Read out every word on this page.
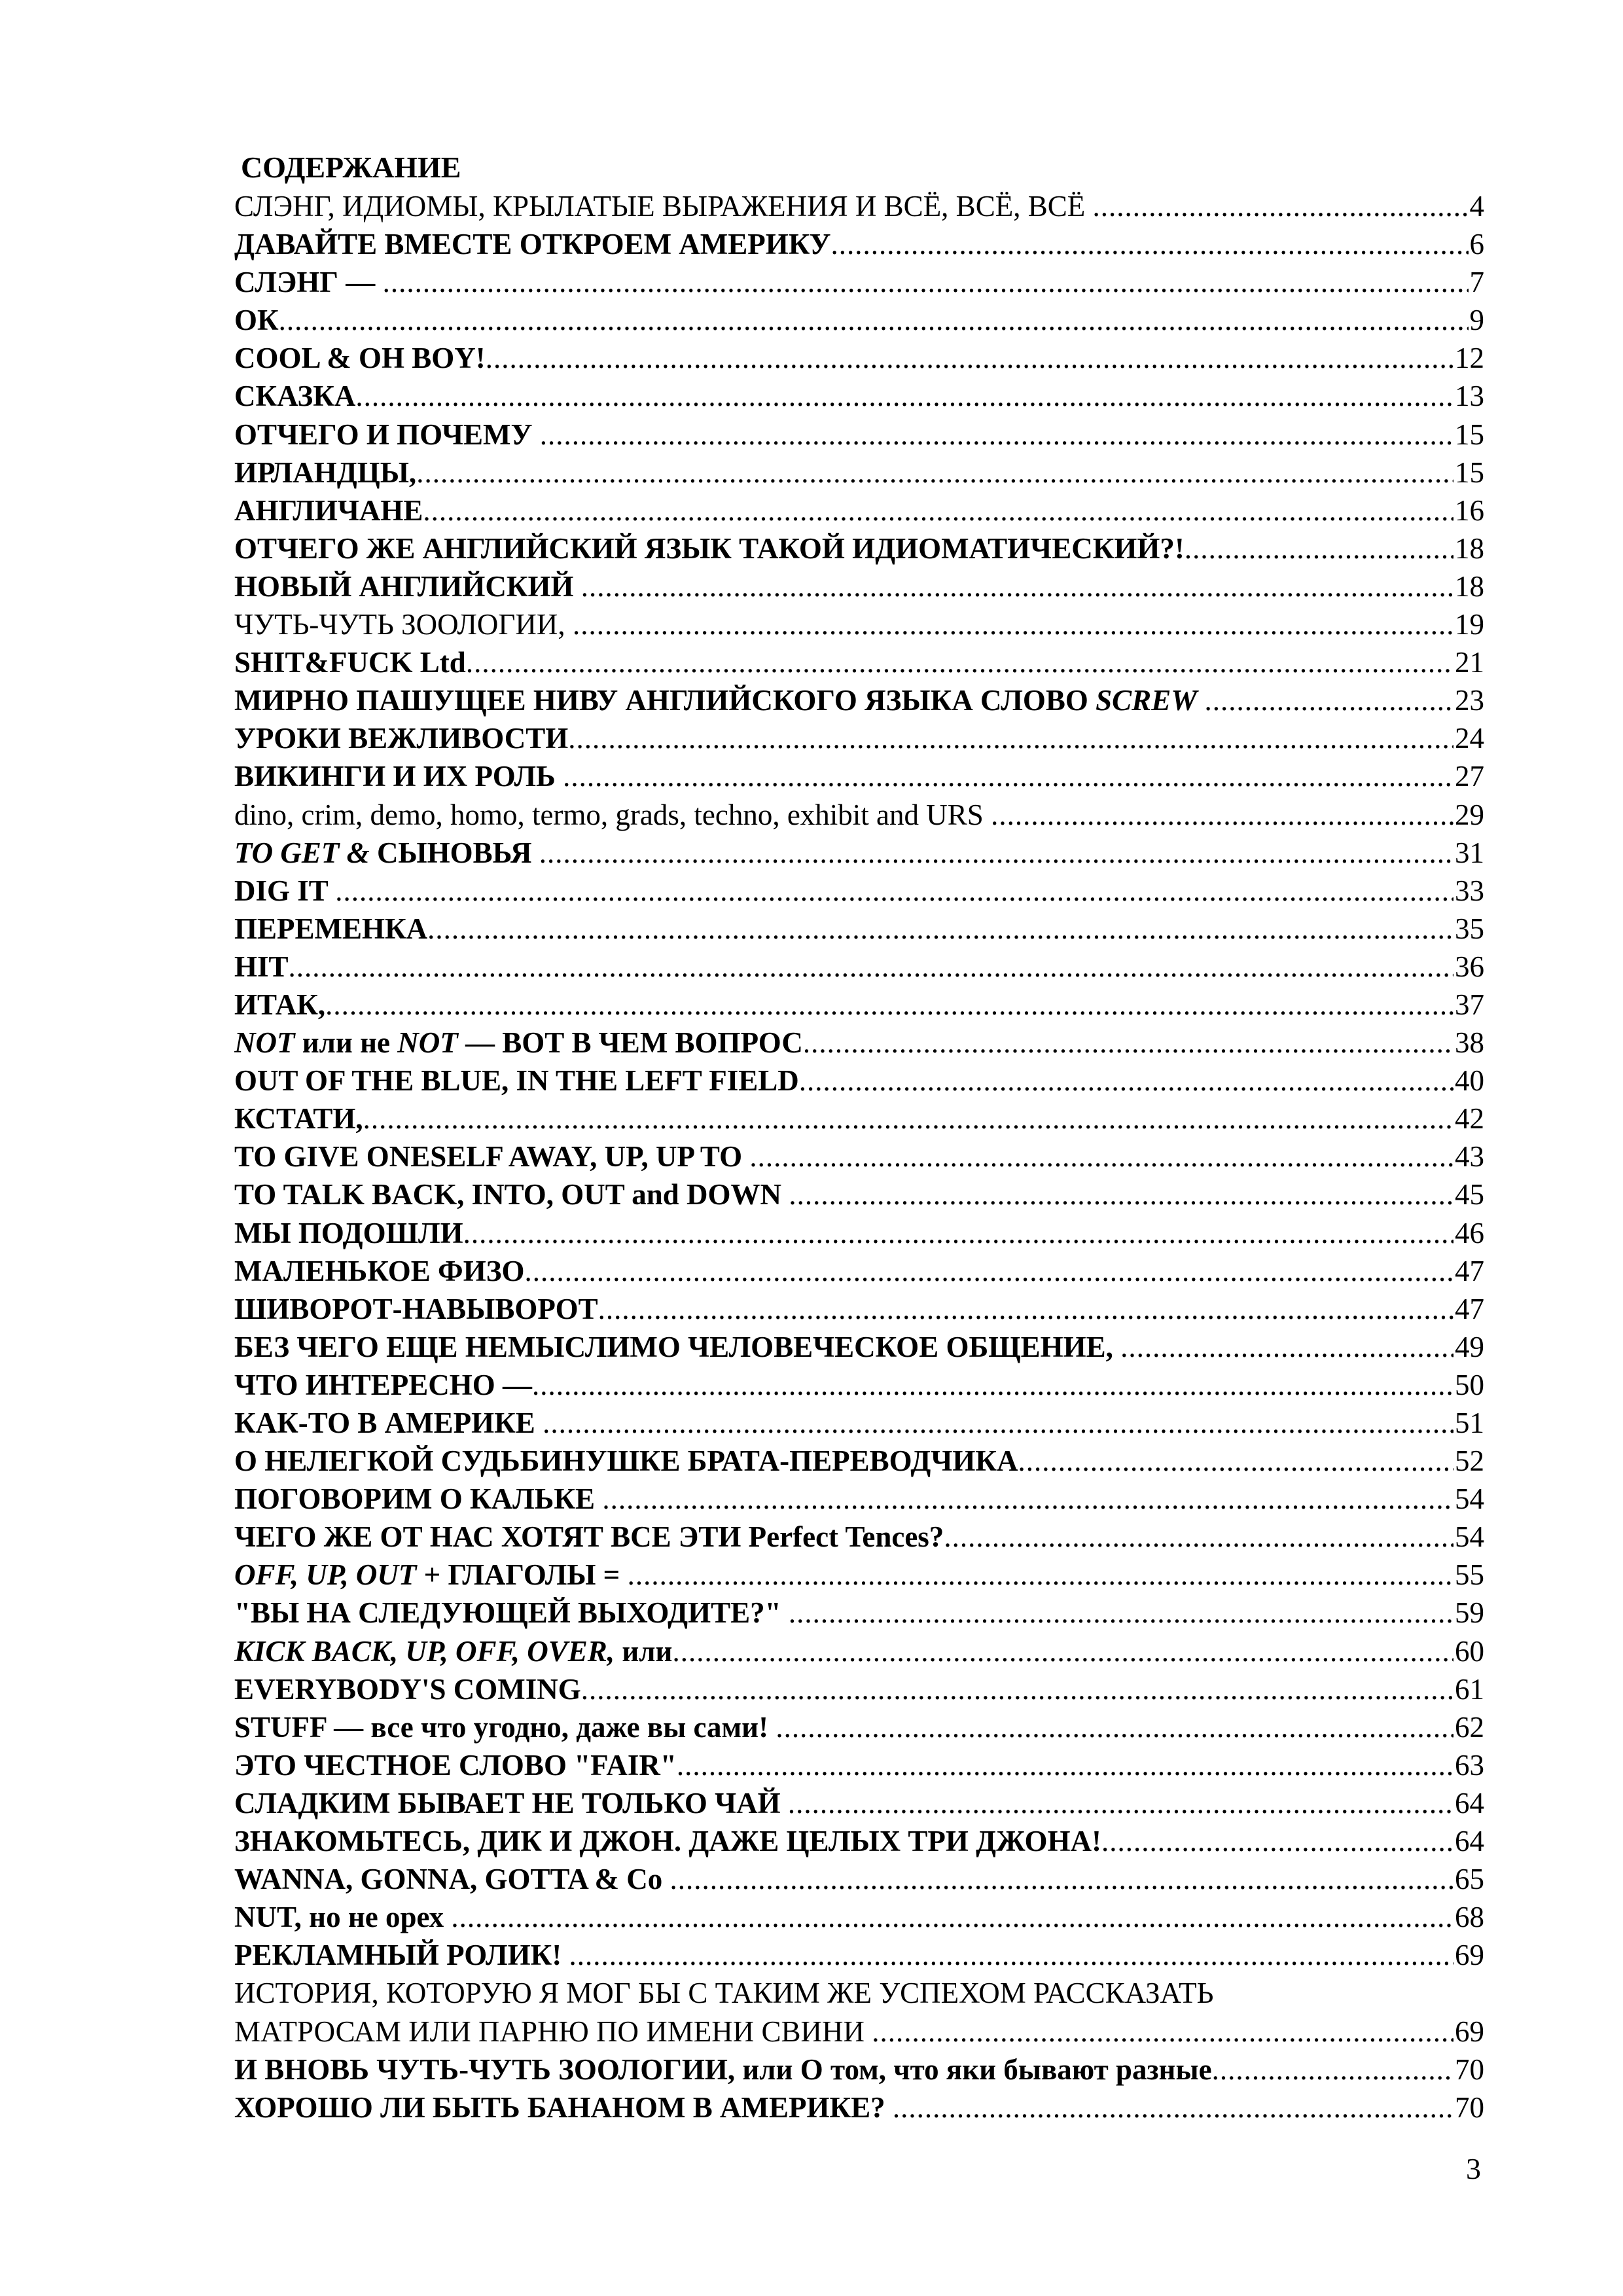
СОДЕРЖАНИЕ
СЛЭНГ, ИДИОМЫ, КРЫЛАТЫЕ ВЫРАЖЕНИЯ И ВСЁ, ВСЁ, ВСЁ .....	4
ДАВАЙТЕ ВМЕСТЕ ОТКРОЕМ АМЕРИКУ .....	6
СЛЭНГ — .....	7
ОК .....	9
COOL & OH BOY! .....	12
СКАЗКА .....	13
ОТЧЕГО И ПОЧЕМУ .....	15
ИРЛАНДЦЫ, .....	15
АНГЛИЧАНЕ .....	16
ОТЧЕГО ЖЕ АНГЛИЙСКИЙ ЯЗЫК ТАКОЙ ИДИОМАТИЧЕСКИЙ?! .....	18
НОВЫЙ АНГЛИЙСКИЙ .....	18
ЧУТЬ-ЧУТЬ ЗООЛОГИИ, .....	19
SHIT&FUCK Ltd .....	21
МИРНО ПАШУЩЕЕ НИВУ АНГЛИЙСКОГО ЯЗЫКА СЛОВО SCREW .....	23
УРОКИ ВЕЖЛИВОСТИ .....	24
ВИКИНГИ И ИХ РОЛЬ .....	27
dino, crim, demo, homo, termo, grads, techno, exhibit and URS .....	29
TO GET & СЫНОВЬЯ .....	31
DIG IT .....	33
ПЕРЕМЕНКА .....	35
HIT .....	36
ИТАК, .....	37
NOT или не NOT — ВОТ В ЧЕМ ВОПРОС .....	38
OUT OF THE BLUE, IN THE LEFT FIELD .....	40
КСТАТИ, .....	42
TO GIVE ONESELF AWAY, UP, UP TO .....	43
TO TALK BACK, INTO, OUT and DOWN .....	45
МЫ ПОДОШЛИ .....	46
МАЛЕНЬКОЕ ФИЗО .....	47
ШИВОРОТ-НАВЫВОРОТ .....	47
БЕЗ ЧЕГО ЕЩЕ НЕМЫСЛИМО ЧЕЛОВЕЧЕСКОЕ ОБЩЕНИЕ, .....	49
ЧТО ИНТЕРЕСНО — .....	50
КАК-ТО В АМЕРИКЕ .....	51
О НЕЛЕГКОЙ СУДЬБИНУШКЕ БРАТА-ПЕРЕВОДЧИКА .....	52
ПОГОВОРИМ О КАЛЬКЕ .....	54
ЧЕГО ЖЕ ОТ НАС ХОТЯТ ВСЕ ЭТИ Perfect Tences? .....	54
OFF, UP, OUT + ГЛАГОЛЫ = .....	55
"ВЫ НА СЛЕДУЮЩЕЙ ВЫХОДИТЕ?" .....	59
KICK BACK, UP, OFF, OVER, или .....	60
EVERYBODY'S COMING .....	61
STUFF — все что угодно, даже вы сами! .....	62
ЭТО ЧЕСТНОЕ СЛОВО "FAIR" .....	63
СЛАДКИМ БЫВАЕТ НЕ ТОЛЬКО ЧАЙ .....	64
ЗНАКОМЬТЕСЬ, ДИК И ДЖОН. ДАЖЕ ЦЕЛЫХ ТРИ ДЖОНА! .....	64
WANNA, GONNA, GOTTA & Co .....	65
NUT, но не орех .....	68
РЕКЛАМНЫЙ РОЛИК! .....	69
ИСТОРИЯ, КОТОРУЮ Я МОГ БЫ С ТАКИМ ЖЕ УСПЕХОМ РАССКАЗАТЬ
МАТРОСАМ ИЛИ ПАРНЮ ПО ИМЕНИ СВИНИ .....	69
И ВНОВЬ ЧУТЬ-ЧУТЬ ЗООЛОГИИ, или О том, что яки бывают разные .....	70
ХОРОШО ЛИ БЫТЬ БАНАНОМ В АМЕРИКЕ? .....	70
3
